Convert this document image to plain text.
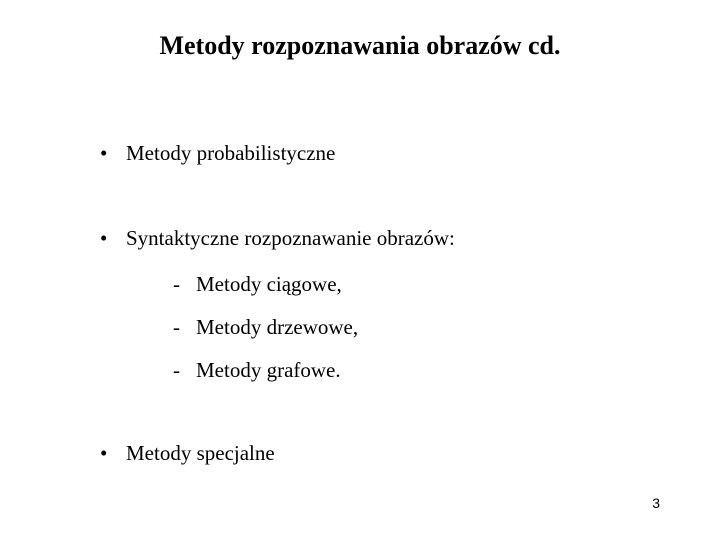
Metody rozpoznawania obrazów cd.
• Metody probabilistyczne
• Syntaktyczne rozpoznawanie obrazów:
- Metody ciągowe,
- Metody drzewowe,
- Metody grafowe.
• Metody specjalne
3
